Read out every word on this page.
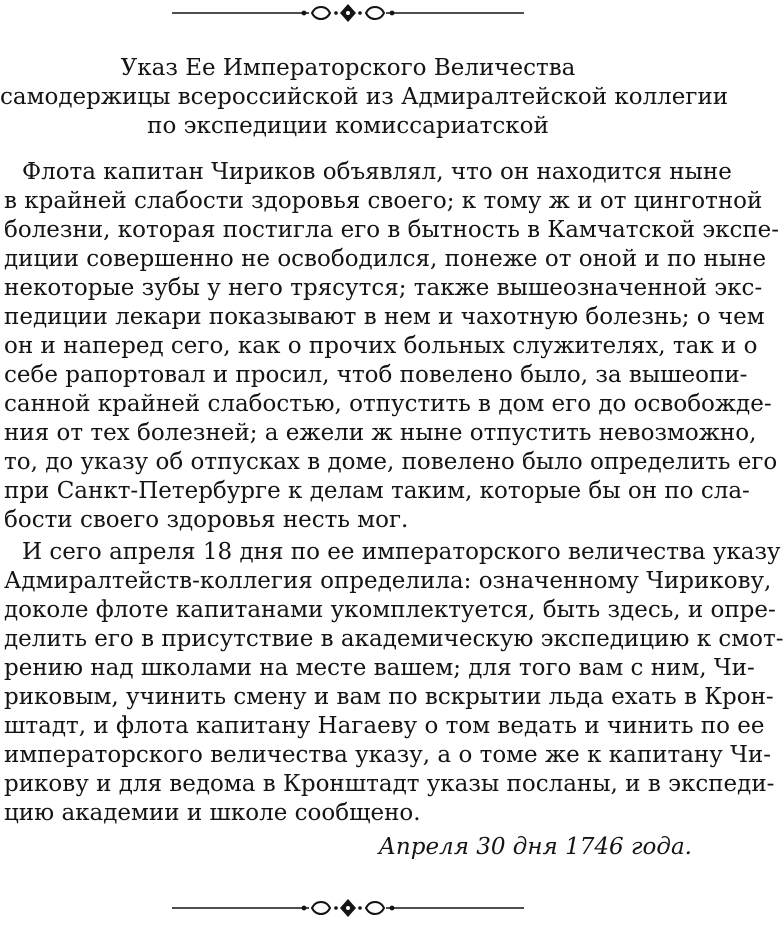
Указ Ее Императорского Величества
самодержицы всероссийской из Адмиралтейской коллегии
по экспедиции комиссариатской
Флота капитан Чириков объявлял, что он находится ныне
в крайней слабости здоровья своего; к тому ж и от цинготной
болезни, которая постигла его в бытность в Камчатской экспе-
диции совершенно не освободился, понеже от оной и по ныне
некоторые зубы у него трясутся; также вышеозначенной экс-
педиции лекари показывают в нем и чахотную болезнь; о чем
он и напеpед сего, как о прочих больных служителях, так и о
себе рапортовал и просил, чтоб повелено было, за вышеопи-
санной крайней слабостью, отпустить в дом его до освобожде-
ния от тех болезней; а ежели ж ныне отпустить невозможно,
то, до указу об отпусках в доме, повелено было определить его
при Санкт-Петербурге к делам таким, которые бы он по сла-
бости своего здоровья несть мог.
И сего апреля 18 дня по ее императорского величества указу
Адмиралтейств-коллегия определила: означенному Чирикову,
доколе флоте капитанами укомплектуется, быть здесь, и опре-
делить его в присутствие в академическую экспедицию к смот-
рению над школами на месте вашем; для того вам с ним, Чи-
риковым, учинить смену и вам по вскрытии льда ехать в Крон-
штадт, и флота капитану Нагаеву о том ведать и чинить по ее
императорского величества указу, а о томе же к капитану Чи-
рикову и для ведома в Кронштадт указы посланы, и в экспеди-
цию академии и школе сообщено.
Апреля 30 дня 1746 года.
